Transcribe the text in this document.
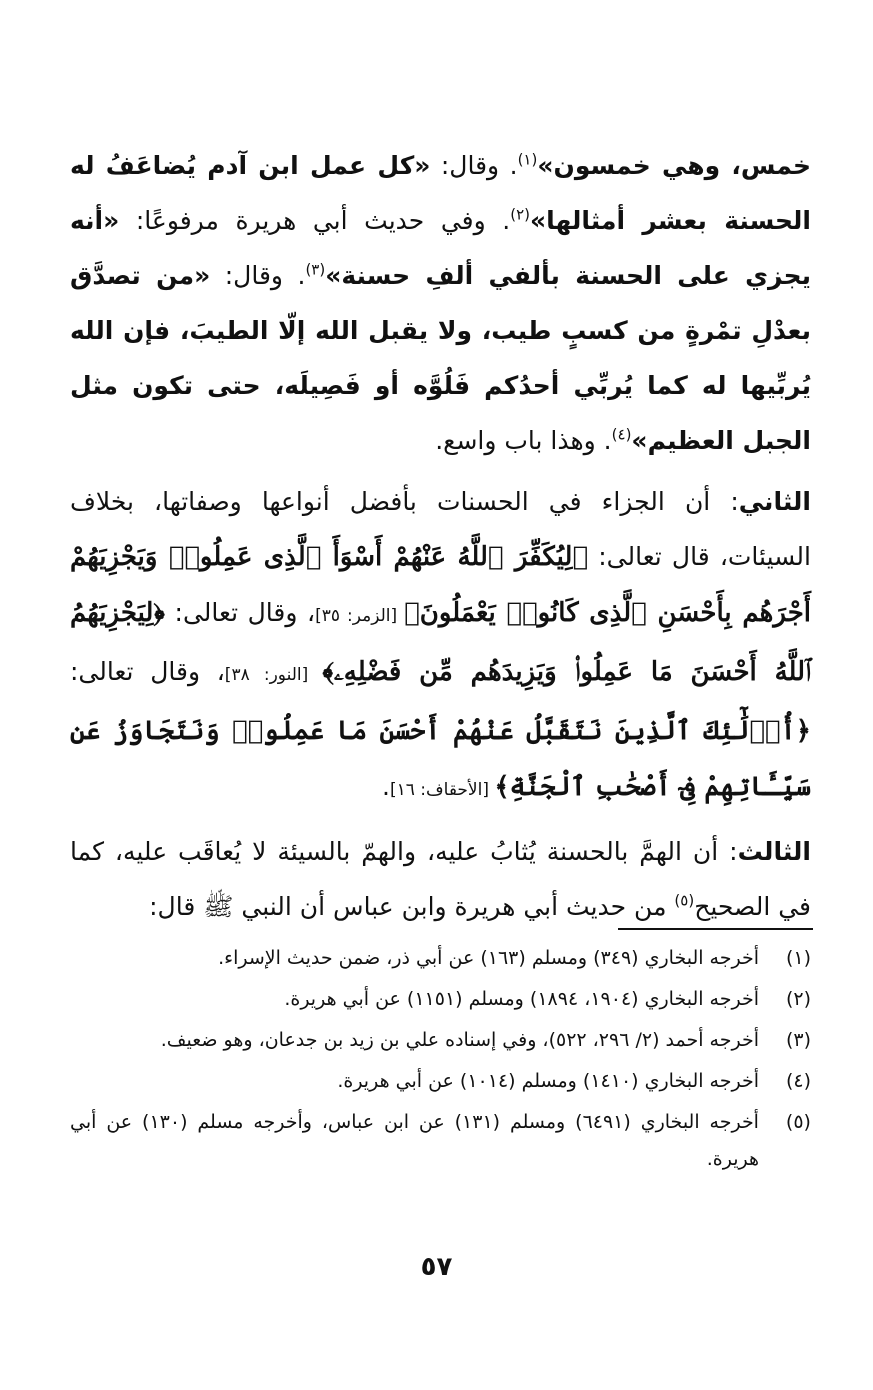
خمس، وهي خمسون»$^{(١)}$. وقال: «كل عمل ابن آدم يُضاعَفُ له الحسنة بعشر أمثالها»$^{(٢)}$. وفي حديث أبي هريرة مرفوعًا: «أنه يجزي على الحسنة بألفي ألفِ حسنة»$^{(٣)}$. وقال: «من تصدَّق بعدْلِ تمْرةٍ من كسبٍ طيب، ولا يقبل الله إلّا الطيبَ، فإن الله يُربِّيها له كما يُربِّي أحدُكم فَلُوَّه أو فَصِيلَه، حتى تكون مثل الجبل العظيم»$^{(٤)}$. وهذا باب واسع.

الثاني: أن الجزاء في الحسنات بأفضل أنواعها وصفاتها، بخلاف السيئات، قال تعالى: ﴿لِيُكَفِّرَ ٱللَّهُ عَنْهُمْ أَسْوَأَ ٱلَّذِى عَمِلُوا۟ وَيَجْزِيَهُمْ أَجْرَهُم بِأَحْسَنِ ٱلَّذِى كَانُوا۟ يَعْمَلُونَ﴾ [الزمر: ٣٥]، وقال تعالى: ﴿لِيَجْزِيَهُمُ ٱللَّهُ أَحْسَنَ مَا عَمِلُوا۟ وَيَزِيدَهُم مِّن فَضْلِهِۦ﴾ [النور: ٣٨]، وقال تعالى: ﴿أُو۟لَٰٓئِكَ ٱلَّذِينَ نَتَقَبَّلُ عَنْهُمْ أَحْسَنَ مَا عَمِلُوا۟ وَنَتَجَاوَزُ عَن سَيِّـَٔاتِهِمْ فِىٓ أَصْحَٰبِ ٱلْجَنَّةِ﴾ [الأحقاف: ١٦].

الثالث: أن الهمَّ بالحسنة يُثابُ عليه، والهمّ بالسيئة لا يُعاقَب عليه، كما في الصحيح$^{(٥)}$ من حديث أبي هريرة وابن عباس أن النبي ﷺ قال:

(١)أخرجه البخاري (٣٤٩) ومسلم (١٦٣) عن أبي ذر، ضمن حديث الإسراء.

(٢)أخرجه البخاري (١٩٠٤، ١٨٩٤) ومسلم (١١٥١) عن أبي هريرة.

(٣)أخرجه أحمد (٢/ ٢٩٦، ٥٢٢)، وفي إسناده علي بن زيد بن جدعان، وهو ضعيف.

(٤)أخرجه البخاري (١٤١٠) ومسلم (١٠١٤) عن أبي هريرة.

(٥)أخرجه البخاري (٦٤٩١) ومسلم (١٣١) عن ابن عباس، وأخرجه مسلم (١٣٠) عن أبي هريرة.

٥٧
